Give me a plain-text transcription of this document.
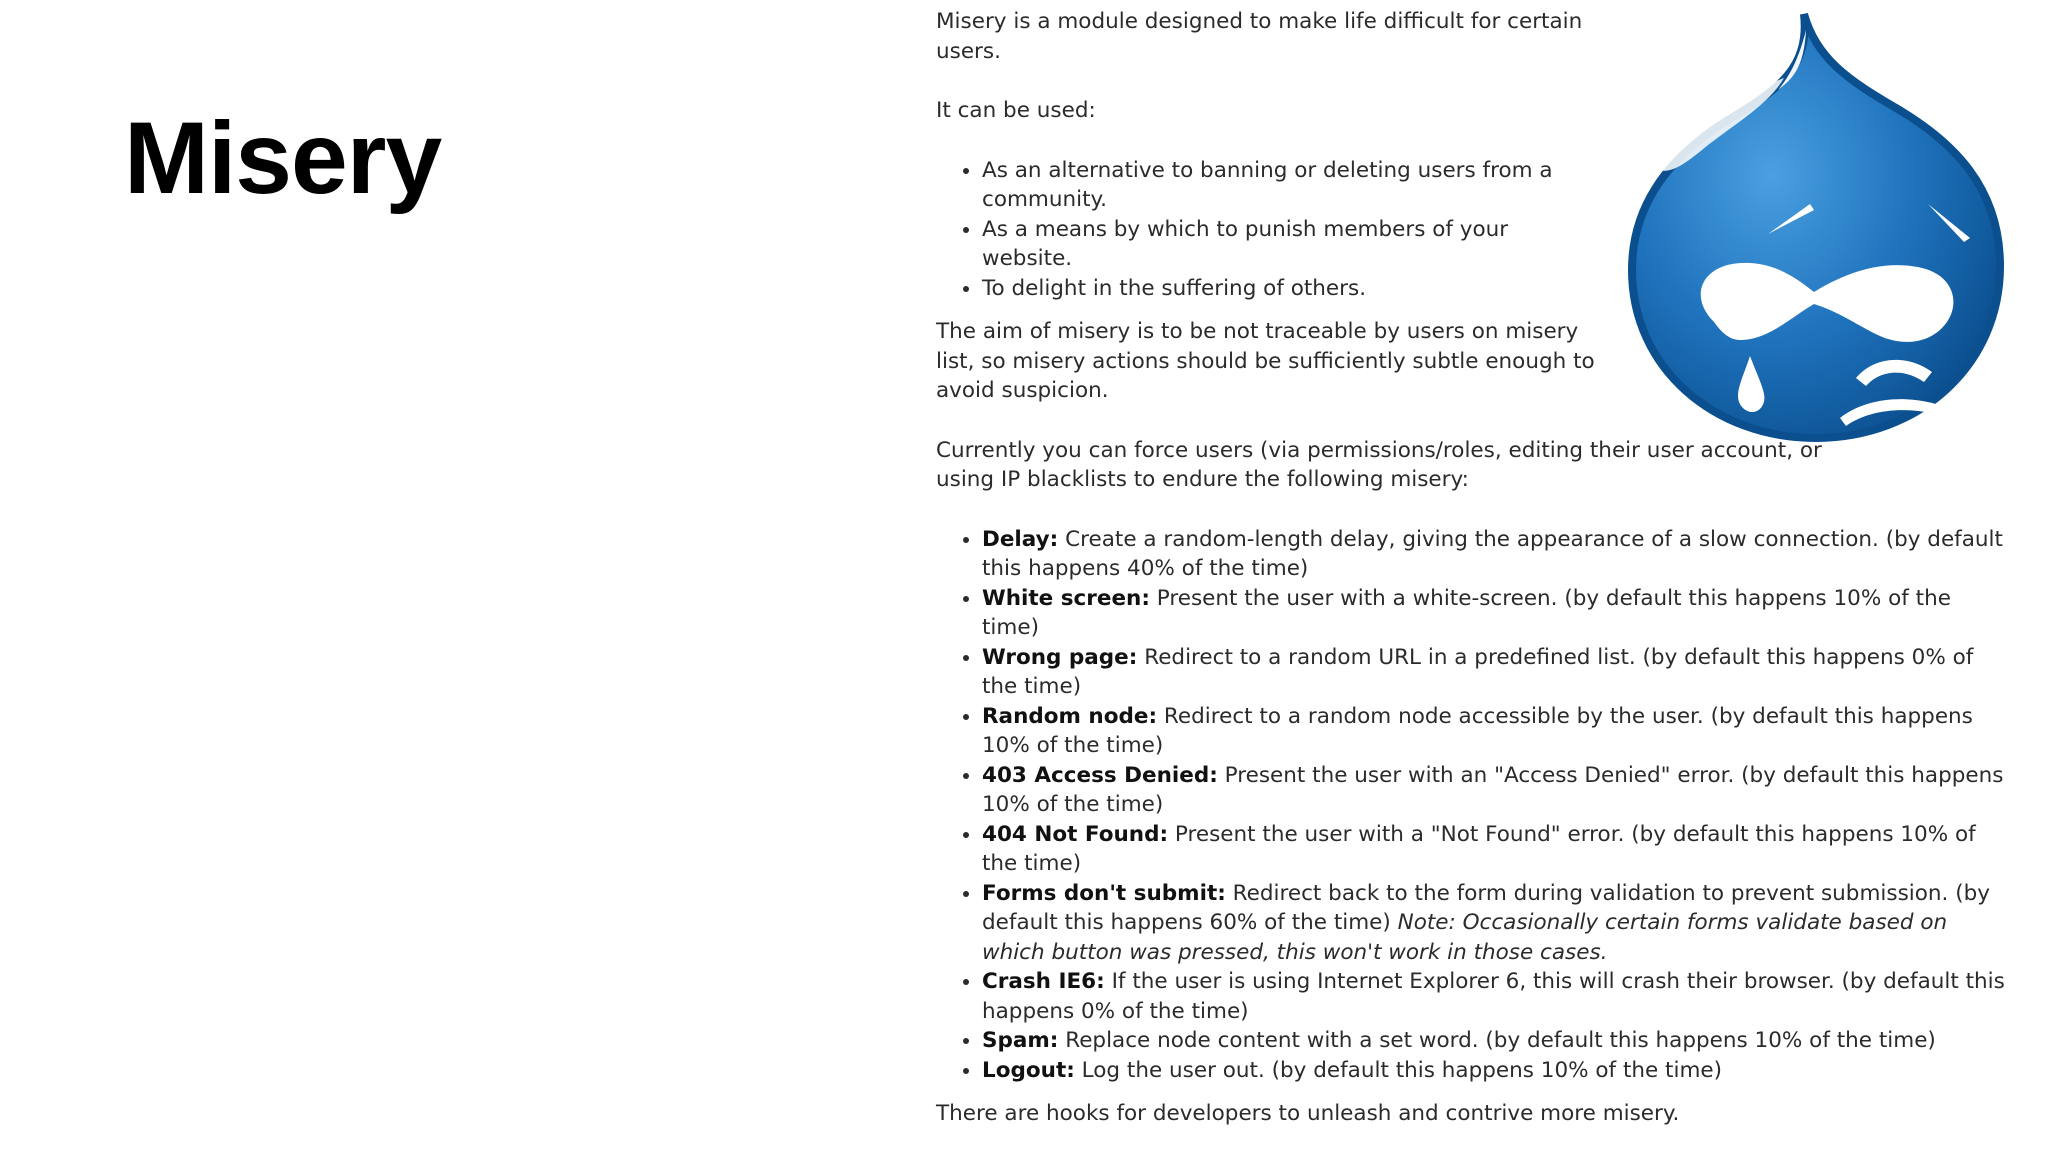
Misery

Misery is a module designed to make life difficult for certain users.

It can be used:

• As an alternative to banning or deleting users from a community.
• As a means by which to punish members of your website.
• To delight in the suffering of others.

The aim of misery is to be not traceable by users on misery list, so misery actions should be sufficiently subtle enough to avoid suspicion.

Currently you can force users (via permissions/roles, editing their user account, or using IP blacklists to endure the following misery:

• Delay: Create a random-length delay, giving the appearance of a slow connection. (by default this happens 40% of the time)
• White screen: Present the user with a white-screen. (by default this happens 10% of the time)
• Wrong page: Redirect to a random URL in a predefined list. (by default this happens 0% of the time)
• Random node: Redirect to a random node accessible by the user. (by default this happens 10% of the time)
• 403 Access Denied: Present the user with an "Access Denied" error. (by default this happens 10% of the time)
• 404 Not Found: Present the user with a "Not Found" error. (by default this happens 10% of the time)
• Forms don't submit: Redirect back to the form during validation to prevent submission. (by default this happens 60% of the time) Note: Occasionally certain forms validate based on which button was pressed, this won't work in those cases.
• Crash IE6: If the user is using Internet Explorer 6, this will crash their browser. (by default this happens 0% of the time)
• Spam: Replace node content with a set word. (by default this happens 10% of the time)
• Logout: Log the user out. (by default this happens 10% of the time)

There are hooks for developers to unleash and contrive more misery.
